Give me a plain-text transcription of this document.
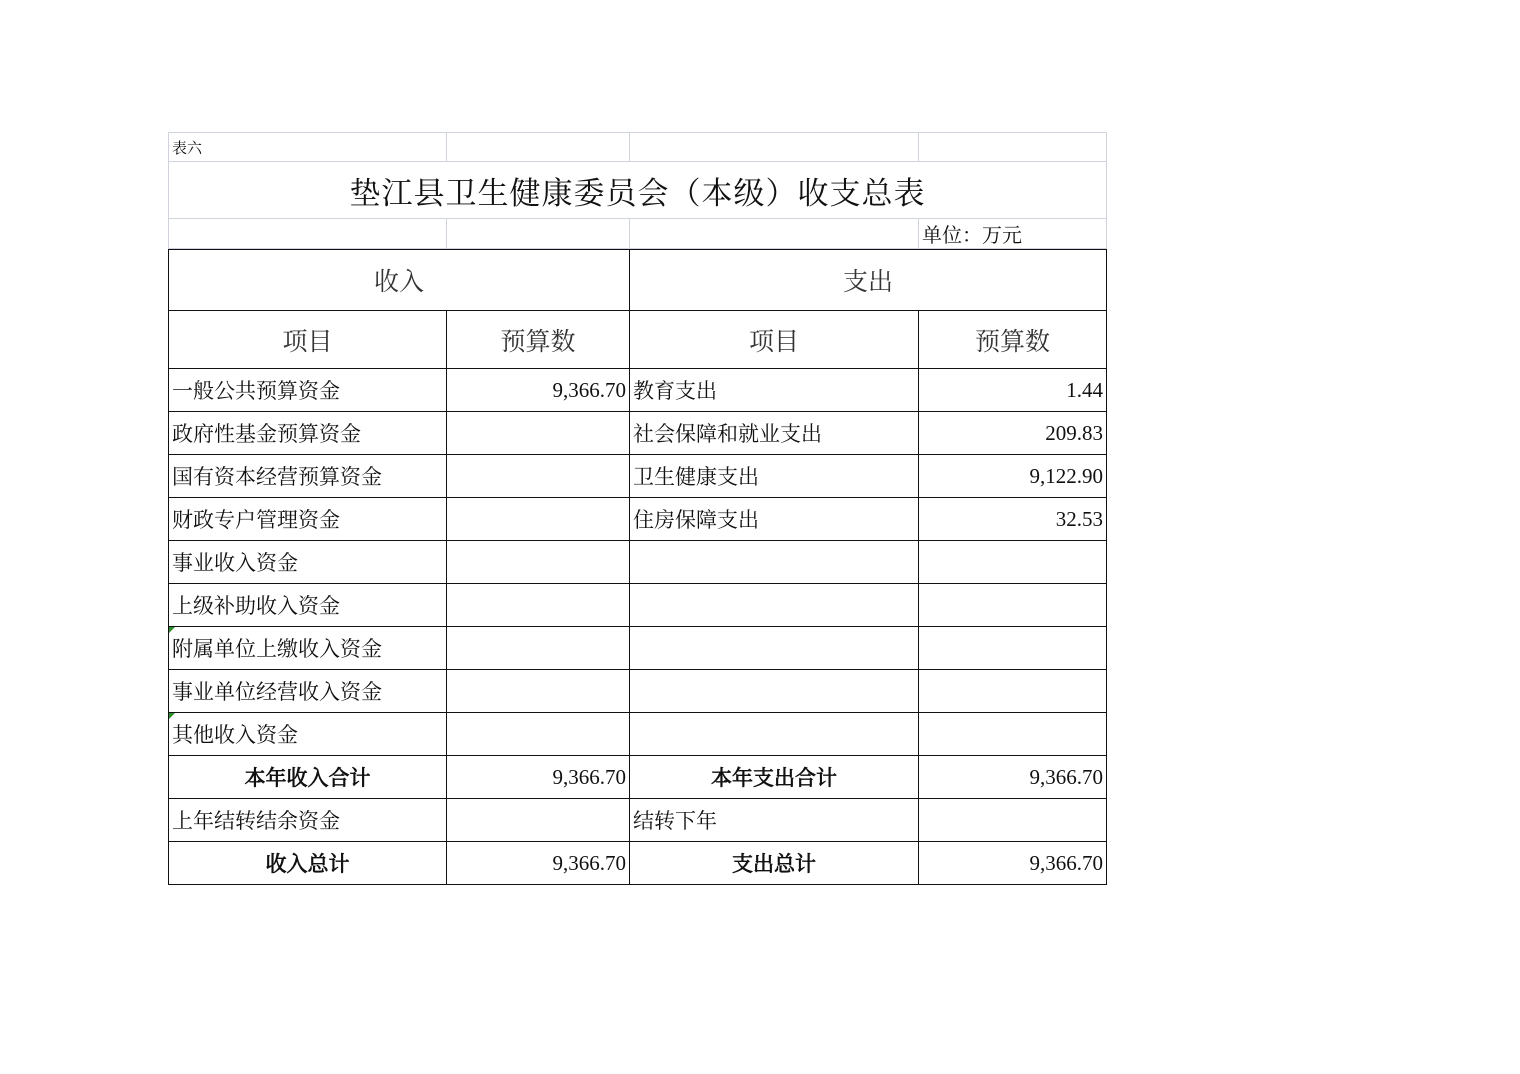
表六			
垫江县卫生健康委员会（本级）收支总表			
			单位：万元
收入		支出	
项目	预算数	项目	预算数
一般公共预算资金	9,366.70	教育支出	1.44
政府性基金预算资金		社会保障和就业支出	209.83
国有资本经营预算资金		卫生健康支出	9,122.90
财政专户管理资金		住房保障支出	32.53
事业收入资金			
上级补助收入资金			
附属单位上缴收入资金			
事业单位经营收入资金			
其他收入资金			
本年收入合计	9,366.70	本年支出合计	9,366.70
上年结转结余资金		结转下年	
收入总计	9,366.70	支出总计	9,366.70
